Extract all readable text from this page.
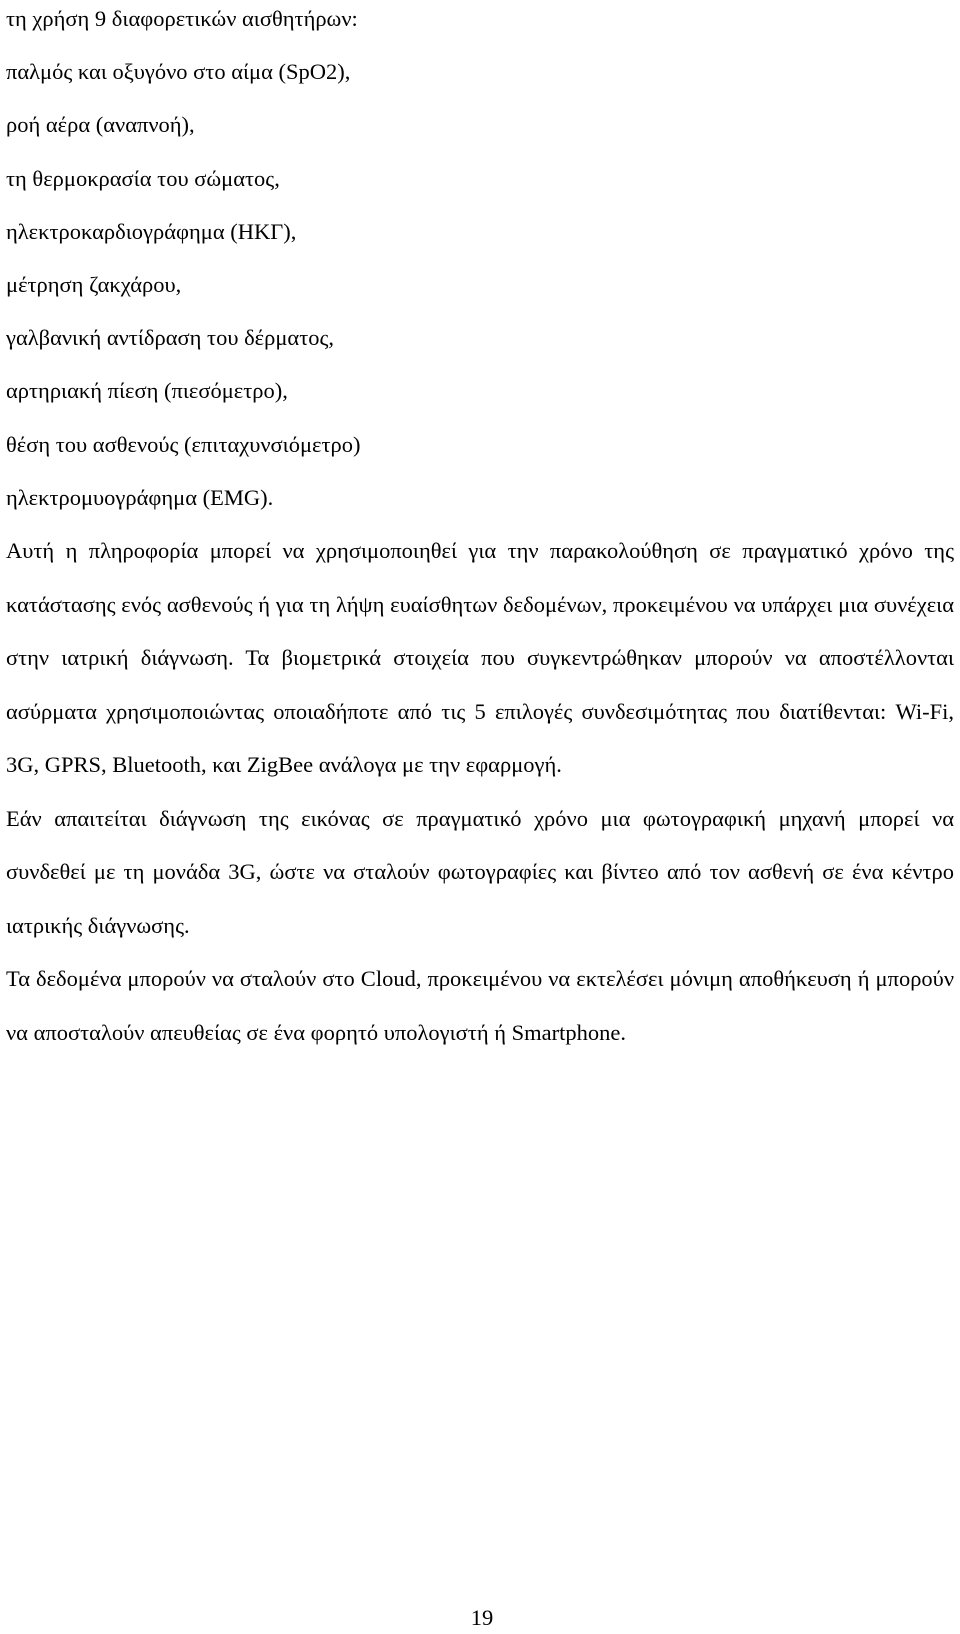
τη χρήση 9 διαφορετικών αισθητήρων:
παλμός και οξυγόνο στο αίμα (SpO2),
ροή αέρα (αναπνοή),
τη θερμοκρασία του σώματος,
ηλεκτροκαρδιογράφημα (ΗΚΓ),
μέτρηση ζακχάρου,
γαλβανική αντίδραση του δέρματος,
αρτηριακή πίεση (πιεσόμετρο),
θέση του ασθενούς (επιταχυνσιόμετρο)
ηλεκτρομυογράφημα (EMG).

Αυτή η πληροφορία μπορεί να χρησιμοποιηθεί για την παρακολούθηση σε πραγματικό χρόνο της κατάστασης ενός ασθενούς ή για τη λήψη ευαίσθητων δεδομένων, προκειμένου να υπάρχει μια συνέχεια στην ιατρική διάγνωση. Τα βιομετρικά στοιχεία που συγκεντρώθηκαν μπορούν να αποστέλλονται ασύρματα χρησιμοποιώντας οποιαδήποτε από τις 5 επιλογές συνδεσιμότητας που διατίθενται: Wi-Fi, 3G, GPRS, Bluetooth, και ZigBee ανάλογα με την εφαρμογή.

Εάν απαιτείται διάγνωση της εικόνας σε πραγματικό χρόνο μια φωτογραφική μηχανή μπορεί να συνδεθεί με τη μονάδα 3G, ώστε να σταλούν φωτογραφίες και βίντεο από τον ασθενή σε ένα κέντρο ιατρικής διάγνωσης.

Τα δεδομένα μπορούν να σταλούν στο Cloud, προκειμένου να εκτελέσει μόνιμη αποθήκευση ή μπορούν να αποσταλούν απευθείας σε ένα φορητό υπολογιστή ή Smartphone.

19
